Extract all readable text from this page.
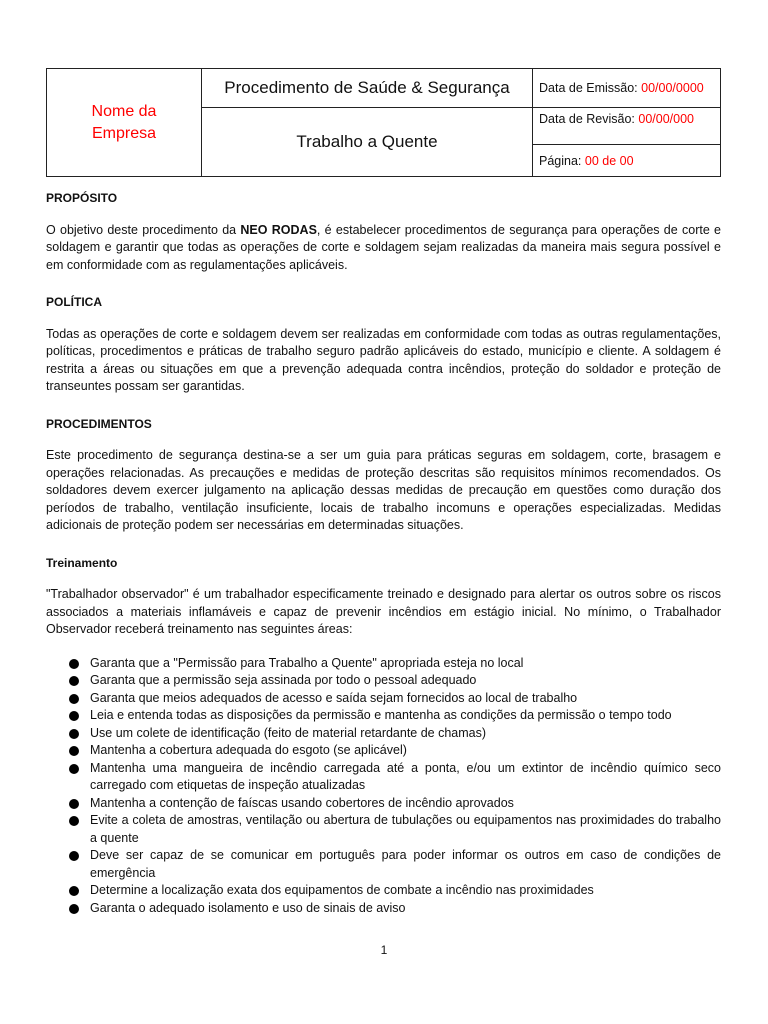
Nome da
Empresa	Procedimento de Saúde & Segurança	Data de Emissão: 00/00/0000
	Trabalho a Quente	Data de Revisão: 00/00/000
		Página: 00 de 00
PROPÓSITO

O objetivo deste procedimento da NEO RODAS, é estabelecer procedimentos de segurança para operações de corte e soldagem e garantir que todas as operações de corte e soldagem sejam realizadas da maneira mais segura possível e em conformidade com as regulamentações aplicáveis.

POLÍTICA

Todas as operações de corte e soldagem devem ser realizadas em conformidade com todas as outras regulamentações, políticas, procedimentos e práticas de trabalho seguro padrão aplicáveis do estado, município e cliente. A soldagem é restrita a áreas ou situações em que a prevenção adequada contra incêndios, proteção do soldador e proteção de transeuntes possam ser garantidas.

PROCEDIMENTOS

Este procedimento de segurança destina-se a ser um guia para práticas seguras em soldagem, corte, brasagem e operações relacionadas. As precauções e medidas de proteção descritas são requisitos mínimos recomendados. Os soldadores devem exercer julgamento na aplicação dessas medidas de precaução em questões como duração dos períodos de trabalho, ventilação insuficiente, locais de trabalho incomuns e operações especializadas. Medidas adicionais de proteção podem ser necessárias em determinadas situações.

Treinamento

"Trabalhador observador" é um trabalhador especificamente treinado e designado para alertar os outros sobre os riscos associados a materiais inflamáveis e capaz de prevenir incêndios em estágio inicial. No mínimo, o Trabalhador Observador receberá treinamento nas seguintes áreas:

Garanta que a "Permissão para Trabalho a Quente" apropriada esteja no local
Garanta que a permissão seja assinada por todo o pessoal adequado
Garanta que meios adequados de acesso e saída sejam fornecidos ao local de trabalho
Leia e entenda todas as disposições da permissão e mantenha as condições da permissão o tempo todo
Use um colete de identificação (feito de material retardante de chamas)
Mantenha a cobertura adequada do esgoto (se aplicável)
Mantenha uma mangueira de incêndio carregada até a ponta, e/ou um extintor de incêndio químico seco carregado com etiquetas de inspeção atualizadas
Mantenha a contenção de faíscas usando cobertores de incêndio aprovados
Evite a coleta de amostras, ventilação ou abertura de tubulações ou equipamentos nas proximidades do trabalho a quente
Deve ser capaz de se comunicar em português para poder informar os outros em caso de condições de emergência
Determine a localização exata dos equipamentos de combate a incêndio nas proximidades
Garanta o adequado isolamento e uso de sinais de aviso
1
